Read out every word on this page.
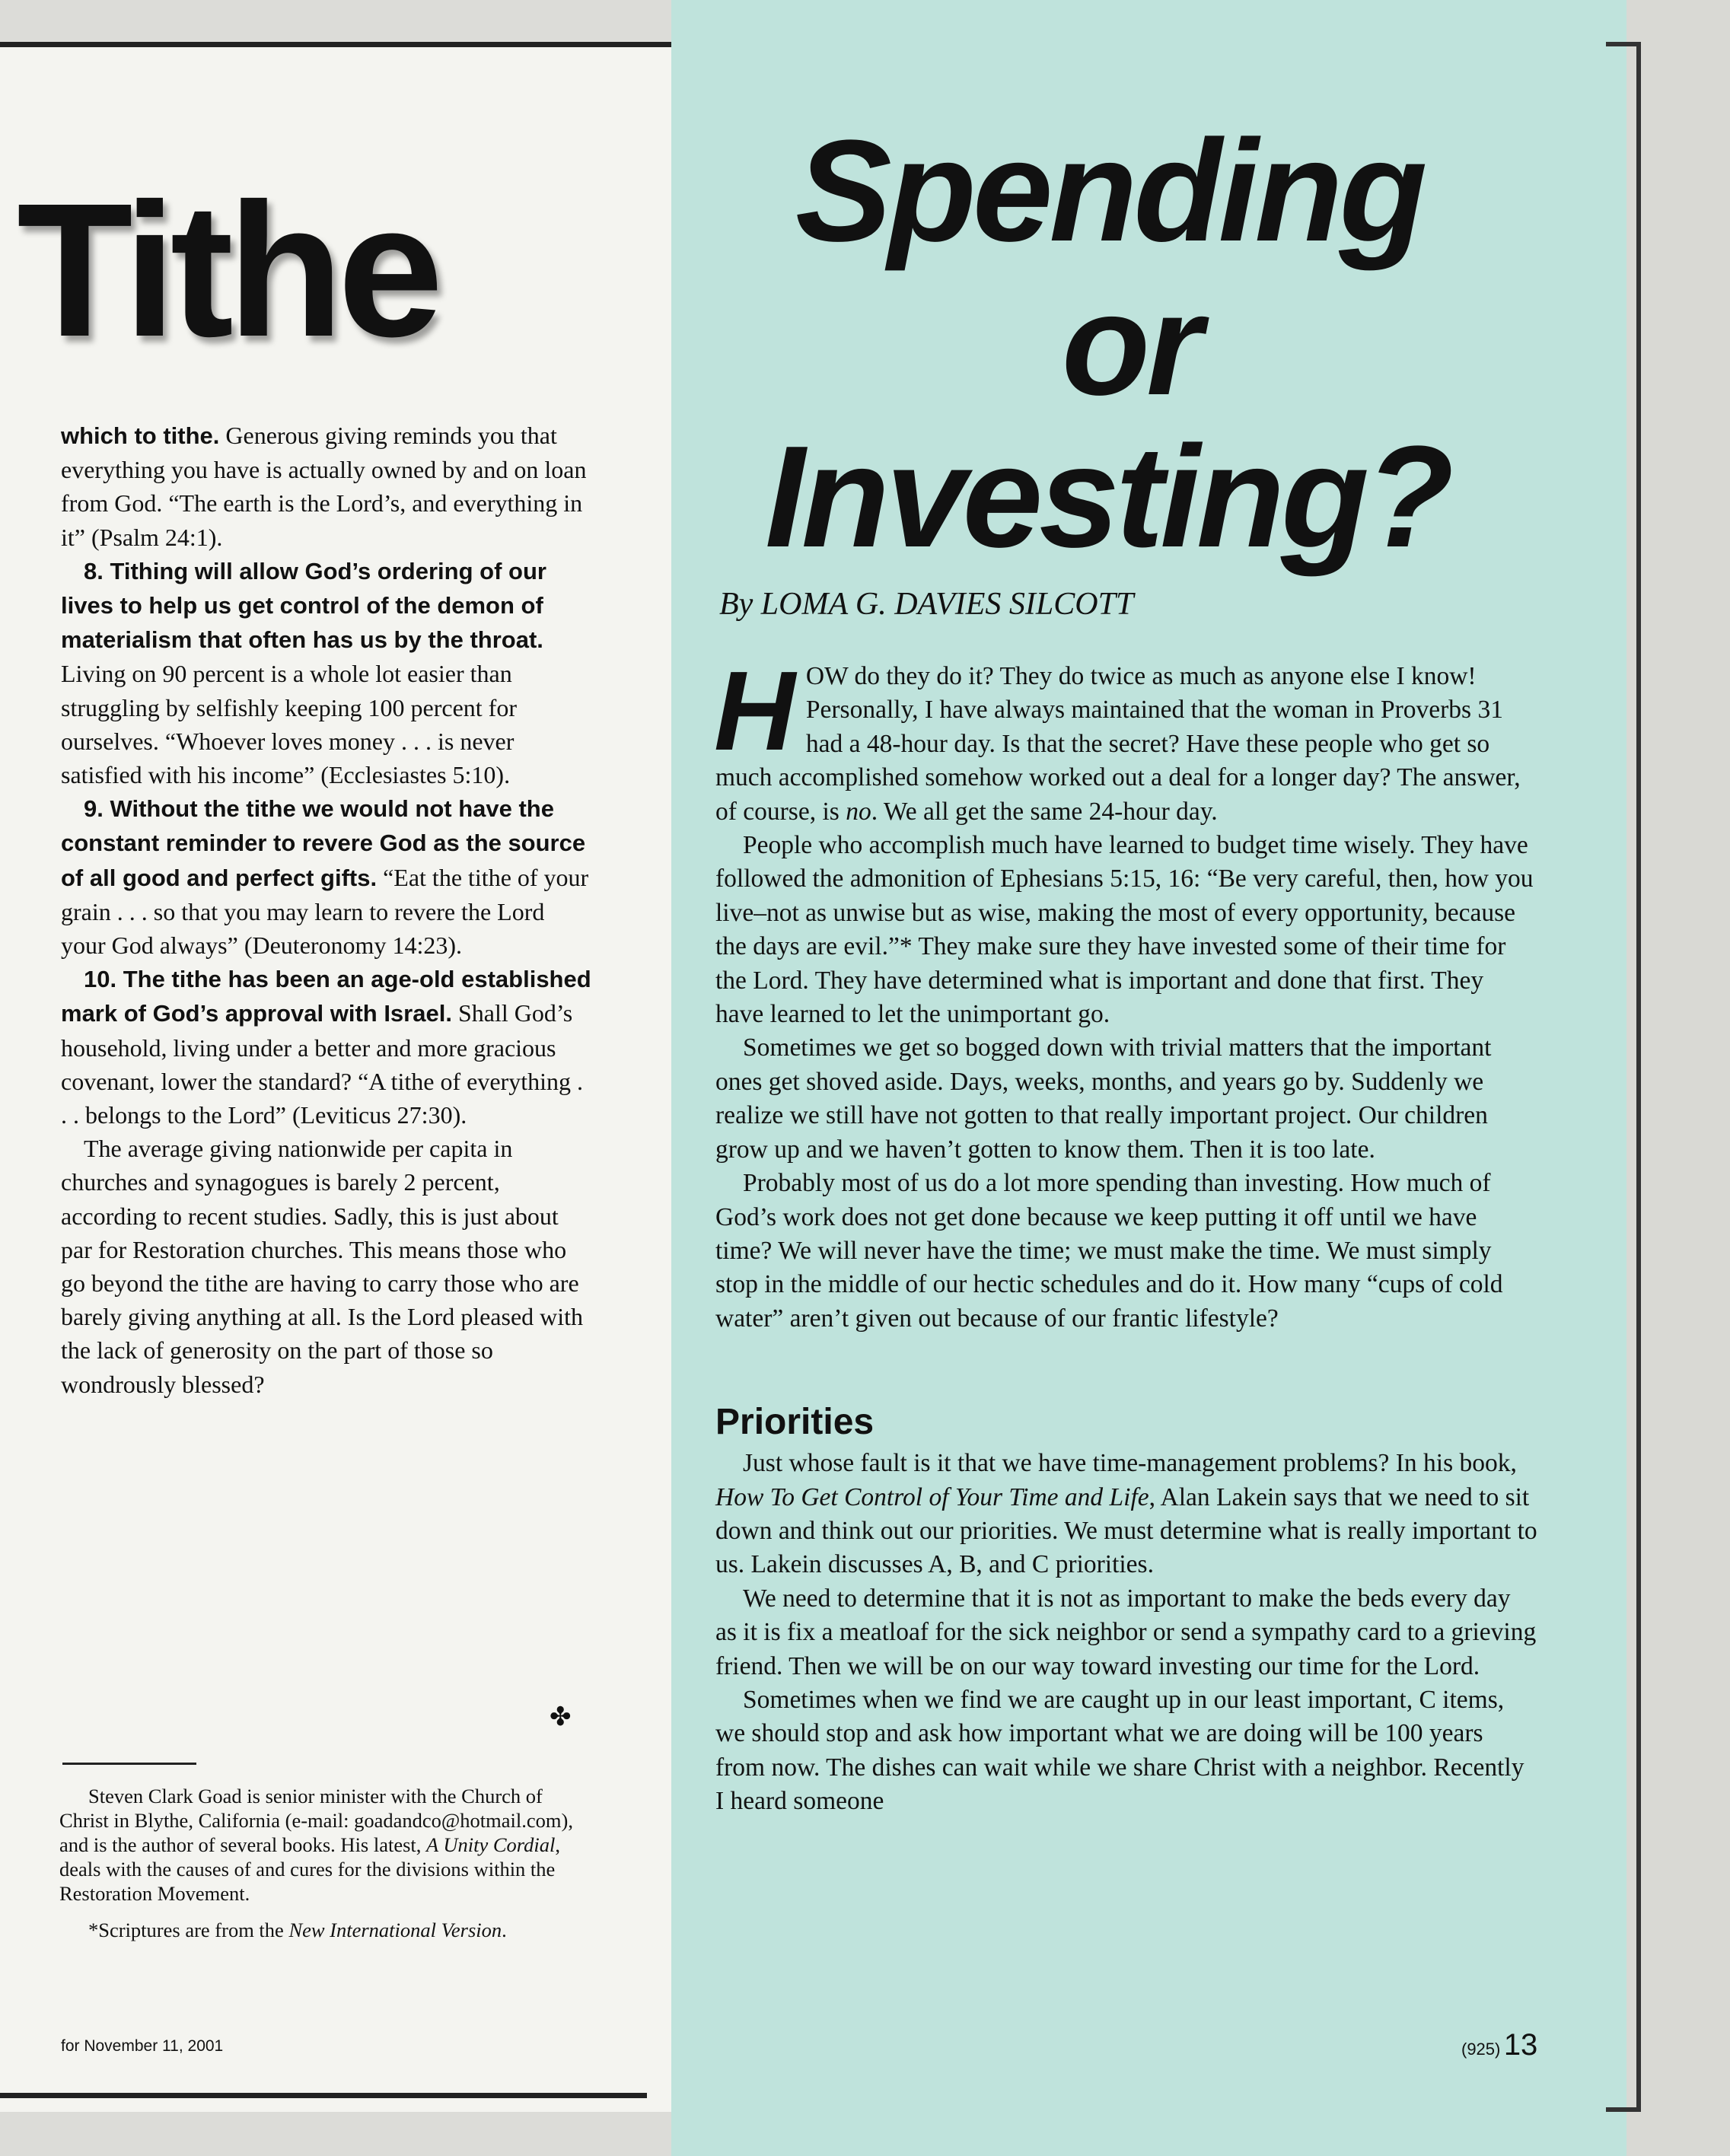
Tithe

which to tithe. Generous giving reminds you that everything you have is actually owned by and on loan from God. “The earth is the Lord’s, and everything in it” (Psalm 24:1).

8. Tithing will allow God’s ordering of our lives to help us get control of the demon of materialism that often has us by the throat. Living on 90 percent is a whole lot easier than struggling by selfishly keeping 100 percent for ourselves. “Whoever loves money . . . is never satisfied with his income” (Ecclesiastes 5:10).

9. Without the tithe we would not have the constant reminder to revere God as the source of all good and perfect gifts. “Eat the tithe of your grain . . . so that you may learn to revere the Lord your God always” (Deuteronomy 14:23).

10. The tithe has been an age-old established mark of God’s approval with Israel. Shall God’s household, living under a better and more gracious covenant, lower the standard? “A tithe of everything . . . belongs to the Lord” (Leviticus 27:30).

The average giving nationwide per capita in churches and synagogues is barely 2 percent, according to recent studies. Sadly, this is just about par for Restoration churches. This means those who go beyond the tithe are having to carry those who are barely giving anything at all. Is the Lord pleased with the lack of generosity on the part of those so wondrously blessed?

✤

Steven Clark Goad is senior minister with the Church of Christ in Blythe, California (e-mail: goadandco@hotmail.com), and is the author of several books. His latest, A Unity Cordial, deals with the causes of and cures for the divisions within the Restoration Movement.

*Scriptures are from the New International Version.

for November 11, 2001
Spending
or
Investing?
By LOMA G. DAVIES SILCOTT

HOW do they do it? They do twice as much as anyone else I know! Personally, I have always maintained that the woman in Proverbs 31 had a 48-hour day. Is that the secret? Have these people who get so much accomplished somehow worked out a deal for a longer day? The answer, of course, is no. We all get the same 24-hour day.

People who accomplish much have learned to budget time wisely. They have followed the admonition of Ephesians 5:15, 16: “Be very careful, then, how you live–not as unwise but as wise, making the most of every opportunity, because the days are evil.”* They make sure they have invested some of their time for the Lord. They have determined what is important and done that first. They have learned to let the unimportant go.

Sometimes we get so bogged down with trivial matters that the important ones get shoved aside. Days, weeks, months, and years go by. Suddenly we realize we still have not gotten to that really important project. Our children grow up and we haven’t gotten to know them. Then it is too late.

Probably most of us do a lot more spending than investing. How much of God’s work does not get done because we keep putting it off until we have time? We will never have the time; we must make the time. We must simply stop in the middle of our hectic schedules and do it. How many “cups of cold water” aren’t given out because of our frantic lifestyle?

Priorities

Just whose fault is it that we have time-management problems? In his book, How To Get Control of Your Time and Life, Alan Lakein says that we need to sit down and think out our priorities. We must determine what is really important to us. Lakein discusses A, B, and C priorities.

We need to determine that it is not as important to make the beds every day as it is fix a meatloaf for the sick neighbor or send a sympathy card to a grieving friend. Then we will be on our way toward investing our time for the Lord.

Sometimes when we find we are caught up in our least important, C items, we should stop and ask how important what we are doing will be 100 years from now. The dishes can wait while we share Christ with a neighbor. Recently I heard someone

(925) 13
